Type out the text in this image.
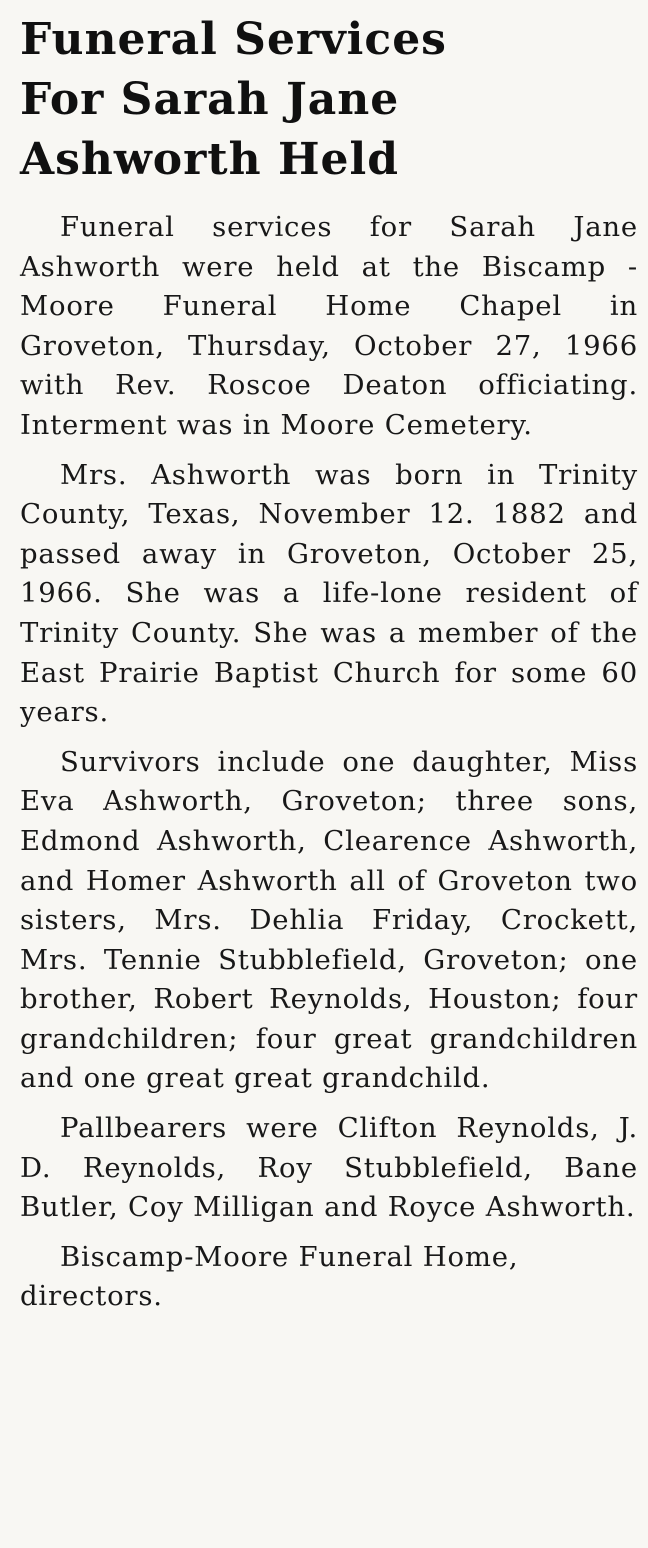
Funeral Services
For Sarah Jane
Ashworth Held

Funeral services for Sarah Jane Ashworth were held at the Biscamp - Moore Funeral Home Chapel in Groveton, Thursday, October 27, 1966 with Rev. Roscoe Deaton officiating. Interment was in Moore Cemetery.

Mrs. Ashworth was born in Trinity County, Texas, November 12. 1882 and passed away in Groveton, October 25, 1966. She was a life-lone resident of Trinity County. She was a member of the East Prairie Baptist Church for some 60 years.

Survivors include one daughter, Miss Eva Ashworth, Groveton; three sons, Edmond Ashworth, Clearence Ashworth, and Homer Ashworth all of Groveton two sisters, Mrs. Dehlia Friday, Crockett, Mrs. Tennie Stubblefield, Groveton; one brother, Robert Reynolds, Houston; four grandchildren; four great grandchildren and one great great grandchild.

Pallbearers were Clifton Reynolds, J. D. Reynolds, Roy Stubblefield, Bane Butler, Coy Milligan and Royce Ashworth.

Biscamp-Moore Funeral Home, directors.
